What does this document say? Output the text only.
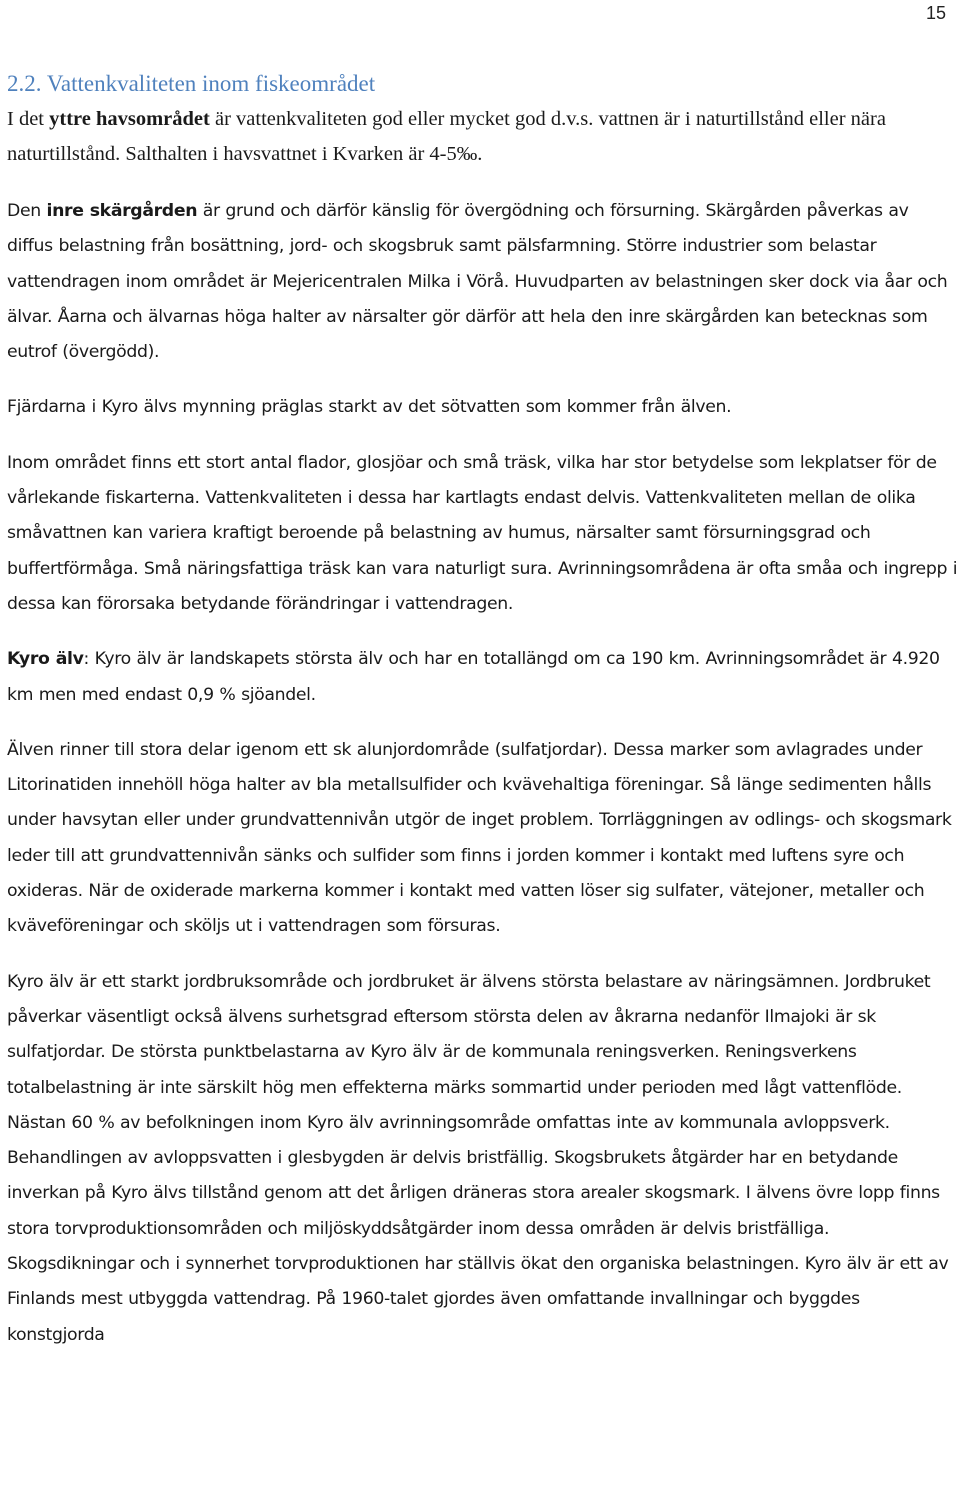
15
2.2. Vattenkvaliteten inom fiskeområdet

I det yttre havsområdet är vattenkvaliteten god eller mycket god d.v.s. vattnen är i naturtillstånd eller nära naturtillstånd. Salthalten i havsvattnet i Kvarken är 4-5‰.

Den inre skärgården är grund och därför känslig för övergödning och försurning. Skärgården påverkas av diffus belastning från bosättning, jord- och skogsbruk samt pälsfarmning. Större industrier som belastar vattendragen inom området är Mejericentralen Milka i Vörå. Huvudparten av belastningen sker dock via åar och älvar. Åarna och älvarnas höga halter av närsalter gör därför att hela den inre skärgården kan betecknas som eutrof (övergödd).

Fjärdarna i Kyro älvs mynning präglas starkt av det sötvatten som kommer från älven.

Inom området finns ett stort antal flador, glosjöar och små träsk, vilka har stor betydelse som lekplatser för de vårlekande fiskarterna. Vattenkvaliteten i dessa har kartlagts endast delvis. Vattenkvaliteten mellan de olika småvattnen kan variera kraftigt beroende på belastning av humus, närsalter samt försurningsgrad och buffertförmåga. Små näringsfattiga träsk kan vara naturligt sura. Avrinningsområdena är ofta småa och ingrepp i dessa kan förorsaka betydande förändringar i vattendragen.

Kyro älv: Kyro älv är landskapets största älv och har en totallängd om ca 190 km. Avrinningsområdet är 4.920 km men med endast 0,9 % sjöandel.

Älven rinner till stora delar igenom ett sk alunjordområde (sulfatjordar). Dessa marker som avlagrades under Litorinatiden innehöll höga halter av bla metallsulfider och kvävehaltiga föreningar. Så länge sedimenten hålls under havsytan eller under grundvattennivån utgör de inget problem. Torrläggningen av odlings- och skogsmark leder till att grundvattennivån sänks och sulfider som finns i jorden kommer i kontakt med luftens syre och oxideras. När de oxiderade markerna kommer i kontakt med vatten löser sig sulfater, vätejoner, metaller och kväveföreningar och sköljs ut i vattendragen som försuras.

Kyro älv är ett starkt jordbruksområde och jordbruket är älvens största belastare av näringsämnen. Jordbruket påverkar väsentligt också älvens surhetsgrad eftersom största delen av åkrarna nedanför Ilmajoki är sk sulfatjordar. De största punktbelastarna av Kyro älv är de kommunala reningsverken. Reningsverkens totalbelastning är inte särskilt hög men effekterna märks sommartid under perioden med lågt vattenflöde. Nästan 60 % av befolkningen inom Kyro älv avrinningsområde omfattas inte av kommunala avloppsverk. Behandlingen av avloppsvatten i glesbygden är delvis bristfällig. Skogsbrukets åtgärder har en betydande inverkan på Kyro älvs tillstånd genom att det årligen dräneras stora arealer skogsmark. I älvens övre lopp finns stora torvproduktionsområden och miljöskyddsåtgärder inom dessa områden är delvis bristfälliga. Skogsdikningar och i synnerhet torvproduktionen har ställvis ökat den organiska belastningen. Kyro älv är ett av Finlands mest utbyggda vattendrag. På 1960-talet gjordes även omfattande invallningar och byggdes konstgjorda
